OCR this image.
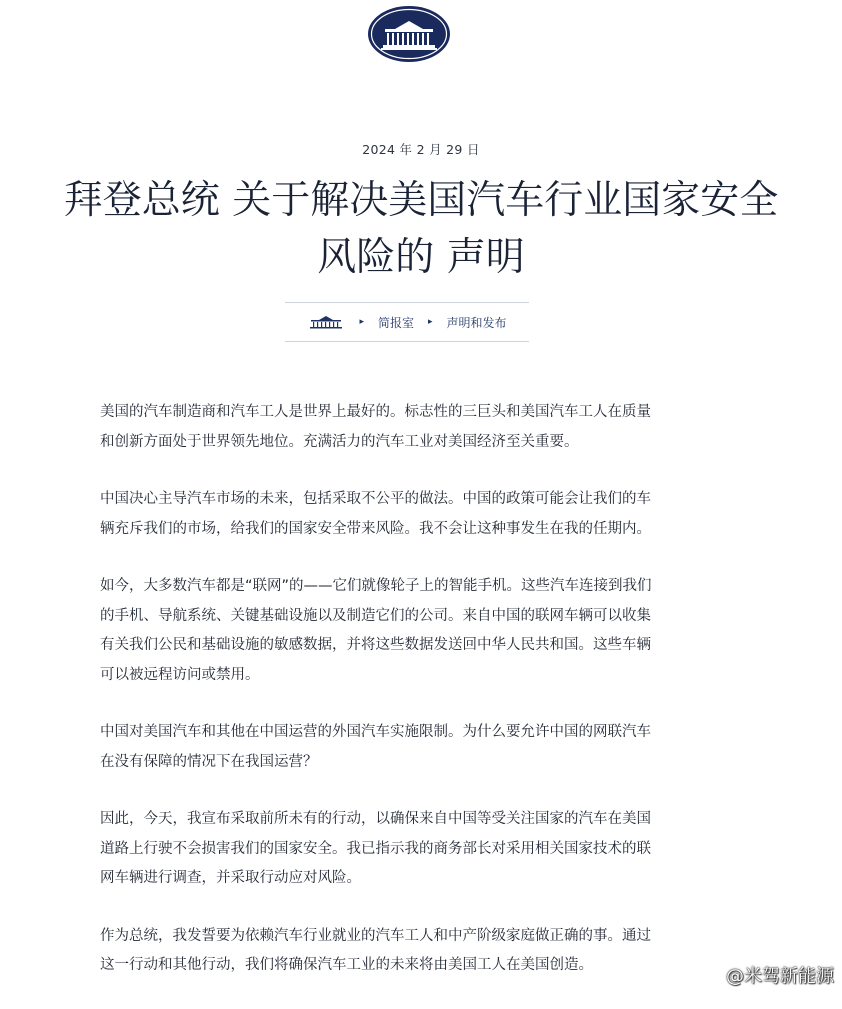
2024 年 2 月 29 日
拜登总统 关于解决美国汽车行业国家安全
风险的 声明
▸ 简报室 ▸ 声明和发布

美国的汽车制造商和汽车工人是世界上最好的。标志性的三巨头和美国汽车工人在质量
和创新方面处于世界领先地位。充满活力的汽车工业对美国经济至关重要。

中国决心主导汽车市场的未来，包括采取不公平的做法。中国的政策可能会让我们的车
辆充斥我们的市场，给我们的国家安全带来风险。我不会让这种事发生在我的任期内。

如今，大多数汽车都是“联网”的——它们就像轮子上的智能手机。这些汽车连接到我们
的手机、导航系统、关键基础设施以及制造它们的公司。来自中国的联网车辆可以收集
有关我们公民和基础设施的敏感数据，并将这些数据发送回中华人民共和国。这些车辆
可以被远程访问或禁用。

中国对美国汽车和其他在中国运营的外国汽车实施限制。为什么要允许中国的网联汽车
在没有保障的情况下在我国运营？

因此，今天，我宣布采取前所未有的行动，以确保来自中国等受关注国家的汽车在美国
道路上行驶不会损害我们的国家安全。我已指示我的商务部长对采用相关国家技术的联
网车辆进行调查，并采取行动应对风险。

作为总统，我发誓要为依赖汽车行业就业的汽车工人和中产阶级家庭做正确的事。通过
这一行动和其他行动，我们将确保汽车工业的未来将由美国工人在美国创造。

@米驾新能源
